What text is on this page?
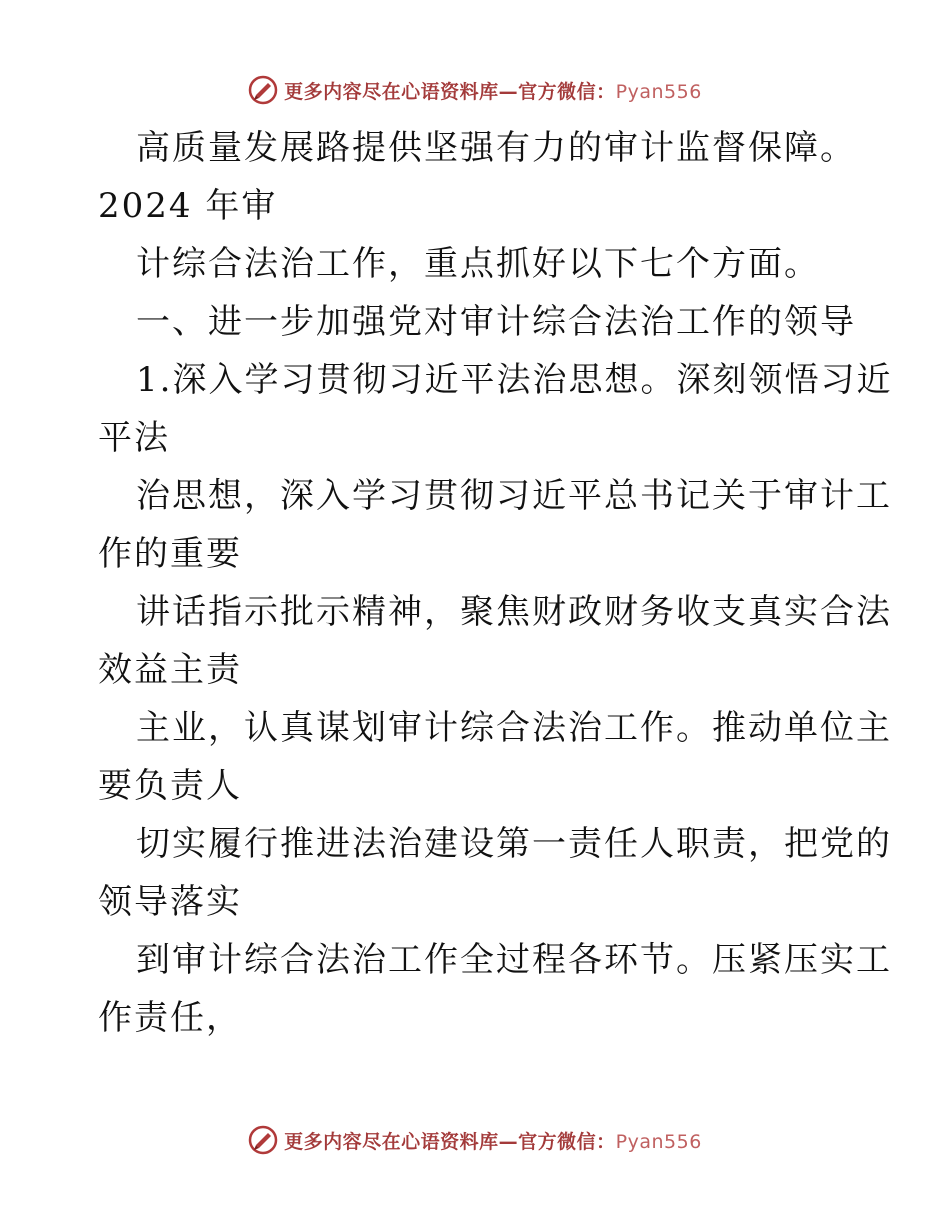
更多内容尽在心语资料库—官方微信：Pyan556
高质量发展路提供坚强有力的审计监督保障。
2024 年审
计综合法治工作，重点抓好以下七个方面。
一、进一步加强党对审计综合法治工作的领导
1.深入学习贯彻习近平法治思想。深刻领悟习近
平法
治思想，深入学习贯彻习近平总书记关于审计工
作的重要
讲话指示批示精神，聚焦财政财务收支真实合法
效益主责
主业，认真谋划审计综合法治工作。推动单位主
要负责人
切实履行推进法治建设第一责任人职责，把党的
领导落实
到审计综合法治工作全过程各环节。压紧压实工
作责任，
更多内容尽在心语资料库—官方微信：Pyan556
